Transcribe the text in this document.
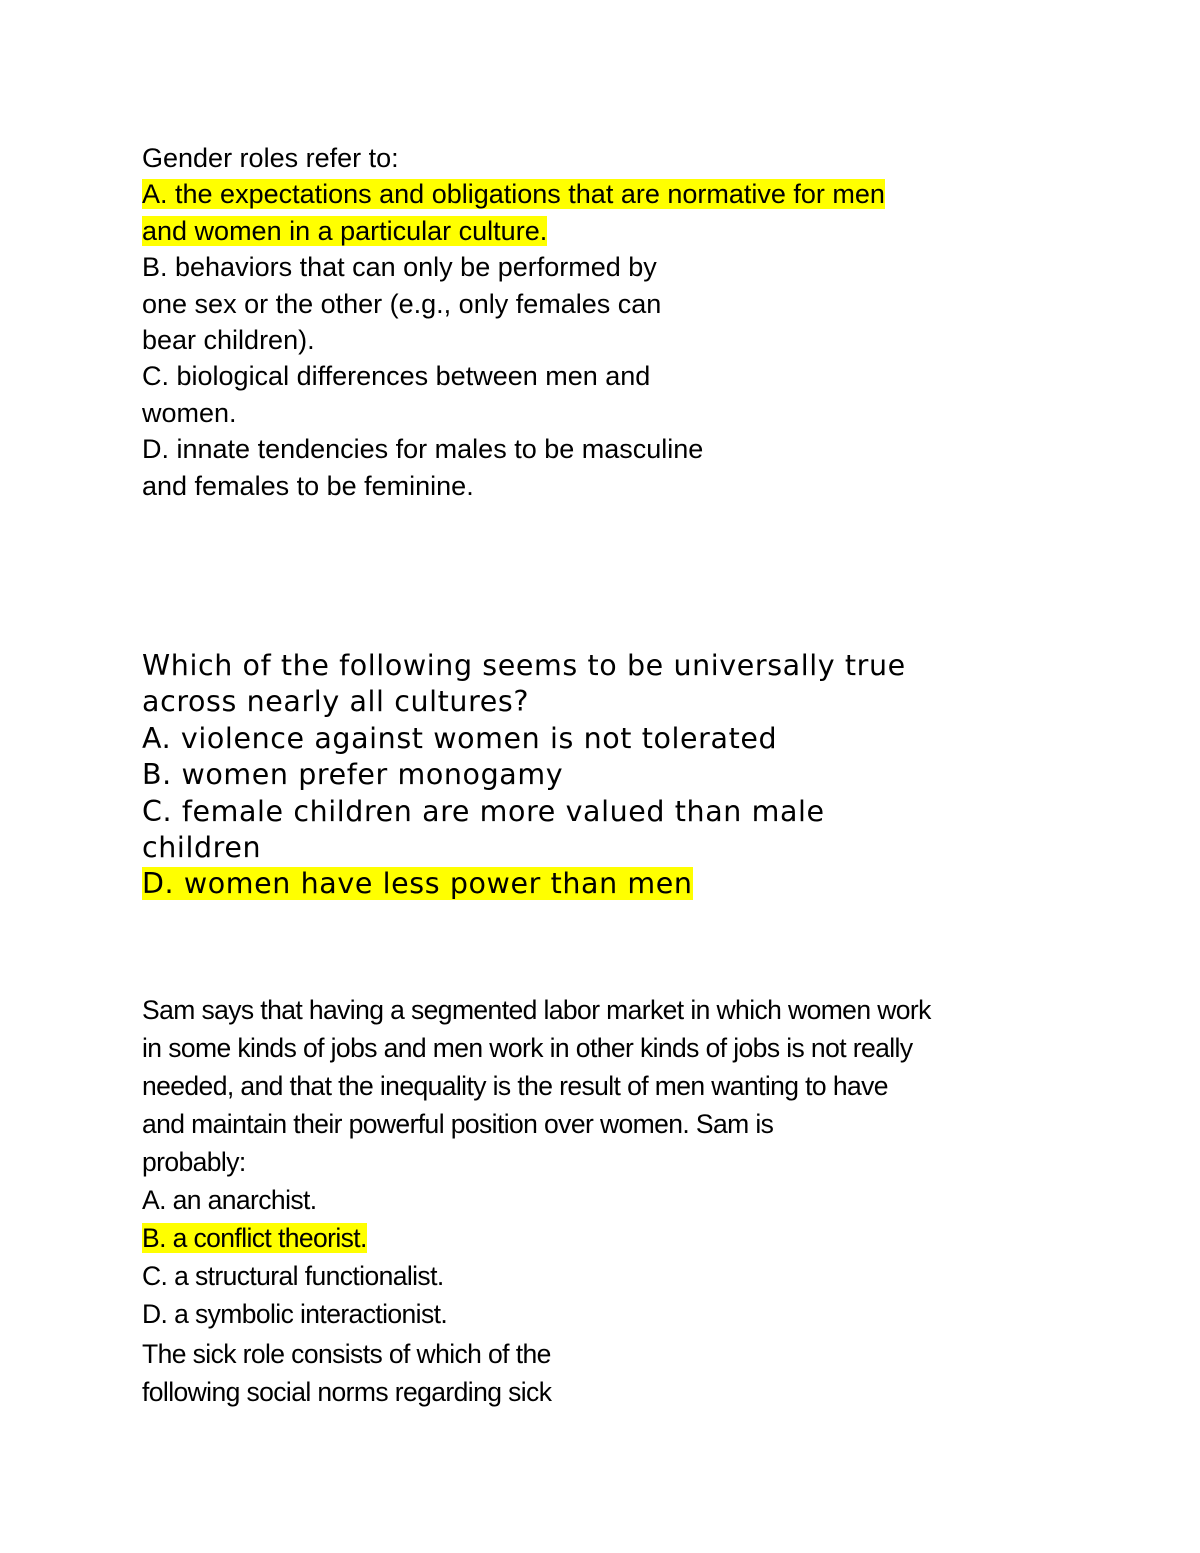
Gender roles refer to:
A. the expectations and obligations that are normative for men
and women in a particular culture.
B. behaviors that can only be performed by
one sex or the other (e.g., only females can
bear children).
C. biological differences between men and
women.
D. innate tendencies for males to be masculine
and females to be feminine.
Which of the following seems to be universally true
across nearly all cultures?
A. violence against women is not tolerated
B. women prefer monogamy
C. female children are more valued than male
children
D. women have less power than men
Sam says that having a segmented labor market in which women work
in some kinds of jobs and men work in other kinds of jobs is not really
needed, and that the inequality is the result of men wanting to have
and maintain their powerful position over women. Sam is
probably:
A. an anarchist.
B. a conflict theorist.
C. a structural functionalist.
D. a symbolic interactionist.
The sick role consists of which of the
following social norms regarding sick
